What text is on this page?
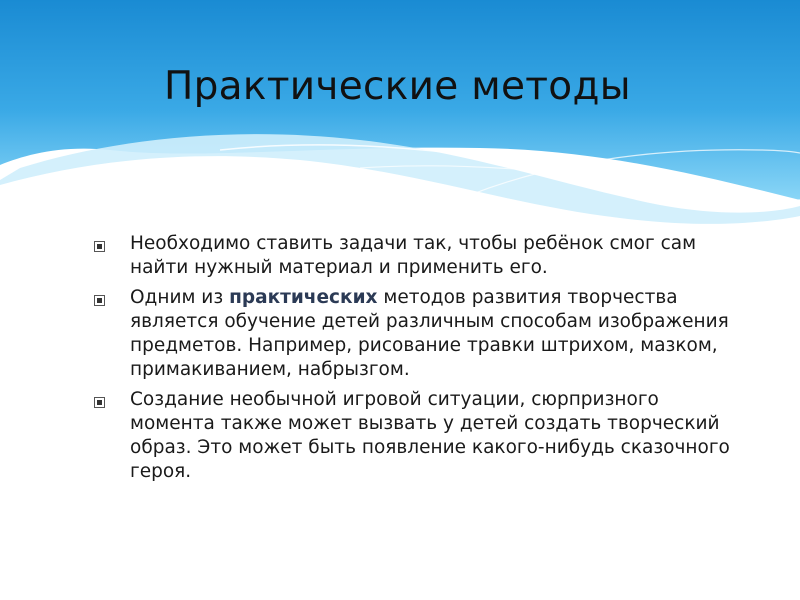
Практические методы
Необходимо ставить задачи так, чтобы ребёнок смог сам найти нужный материал и применить его.
Одним из практических методов развития творчества является обучение детей различным способам изображения предметов. Например, рисование травки штрихом, мазком, примакиванием, набрызгом.
Создание необычной игровой ситуации, сюрпризного момента также может вызвать у детей создать творческий образ. Это может быть появление какого-нибудь сказочного героя.
